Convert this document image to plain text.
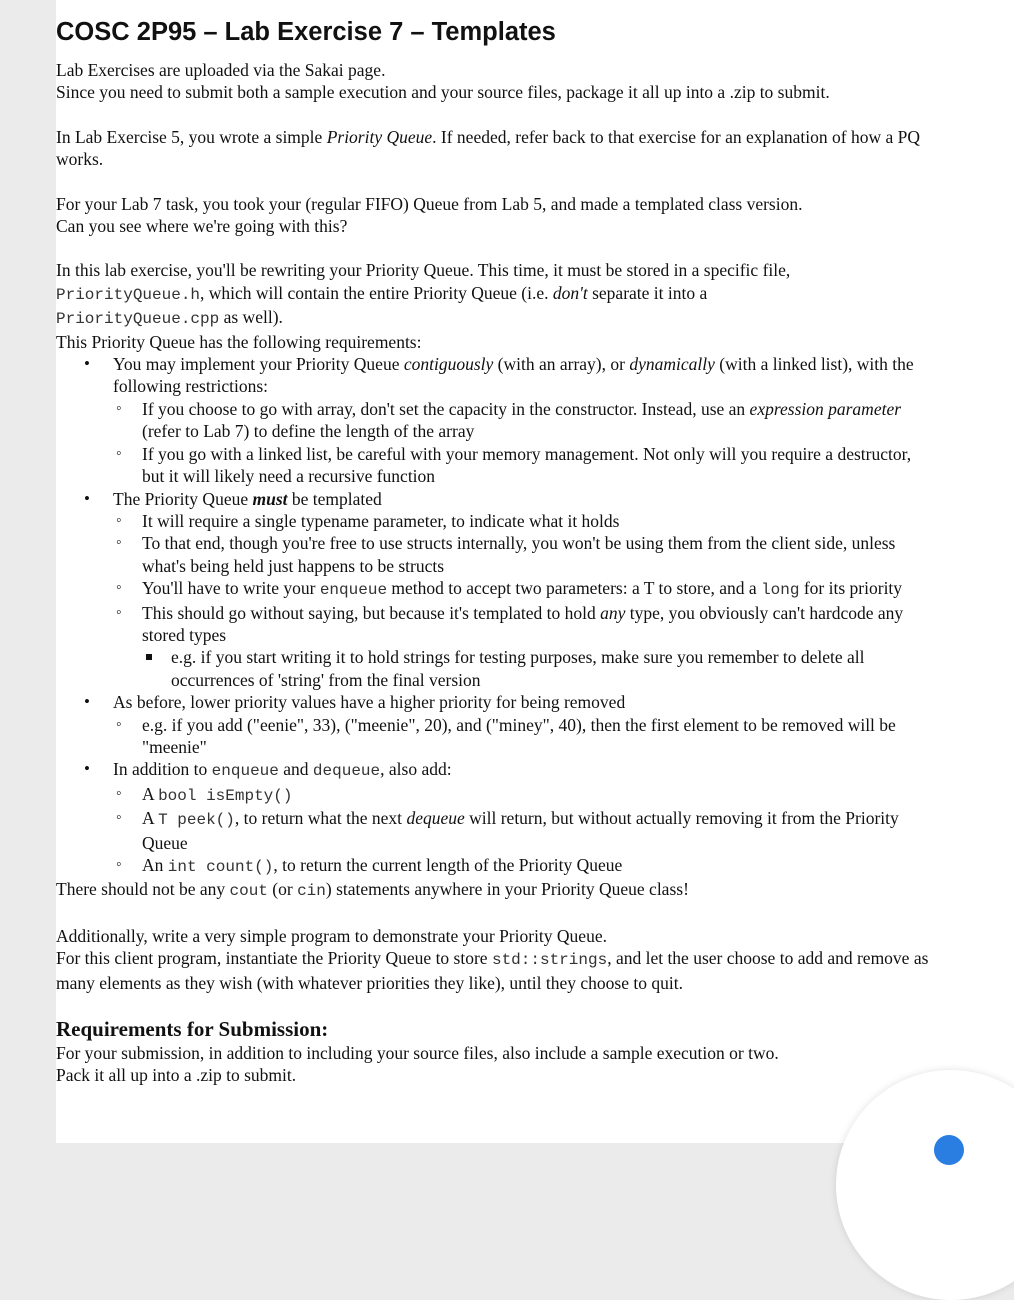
COSC 2P95 – Lab Exercise 7 – Templates

Lab Exercises are uploaded via the Sakai page.
Since you need to submit both a sample execution and your source files, package it all up into a .zip to submit.

In Lab Exercise 5, you wrote a simple Priority Queue. If needed, refer back to that exercise for an explanation of how a PQ works.

For your Lab 7 task, you took your (regular FIFO) Queue from Lab 5, and made a templated class version.
Can you see where we're going with this?

In this lab exercise, you'll be rewriting your Priority Queue. This time, it must be stored in a specific file,
PriorityQueue.h, which will contain the entire Priority Queue (i.e. don't separate it into a
PriorityQueue.cpp as well).

This Priority Queue has the following requirements:

• You may implement your Priority Queue contiguously (with an array), or dynamically (with a linked list), with the following restrictions:
◦ If you choose to go with array, don't set the capacity in the constructor. Instead, use an expression parameter (refer to Lab 7) to define the length of the array
◦ If you go with a linked list, be careful with your memory management. Not only will you require a destructor, but it will likely need a recursive function
• The Priority Queue must be templated
◦ It will require a single typename parameter, to indicate what it holds
◦ To that end, though you're free to use structs internally, you won't be using them from the client side, unless what's being held just happens to be structs
◦ You'll have to write your enqueue method to accept two parameters: a T to store, and a long for its priority
◦ This should go without saying, but because it's templated to hold any type, you obviously can't hardcode any stored types
e.g. if you start writing it to hold strings for testing purposes, make sure you remember to delete all occurrences of 'string' from the final version
• As before, lower priority values have a higher priority for being removed
◦ e.g. if you add ("eenie", 33), ("meenie", 20), and ("miney", 40), then the first element to be removed will be "meenie"
• In addition to enqueue and dequeue, also add:
◦ A bool isEmpty()
◦ A T peek(), to return what the next dequeue will return, but without actually removing it from the Priority Queue
◦ An int count(), to return the current length of the Priority Queue

There should not be any cout (or cin) statements anywhere in your Priority Queue class!

Additionally, write a very simple program to demonstrate your Priority Queue.
For this client program, instantiate the Priority Queue to store std::strings, and let the user choose to add and remove as many elements as they wish (with whatever priorities they like), until they choose to quit.

Requirements for Submission:

For your submission, in addition to including your source files, also include a sample execution or two.
Pack it all up into a .zip to submit.
